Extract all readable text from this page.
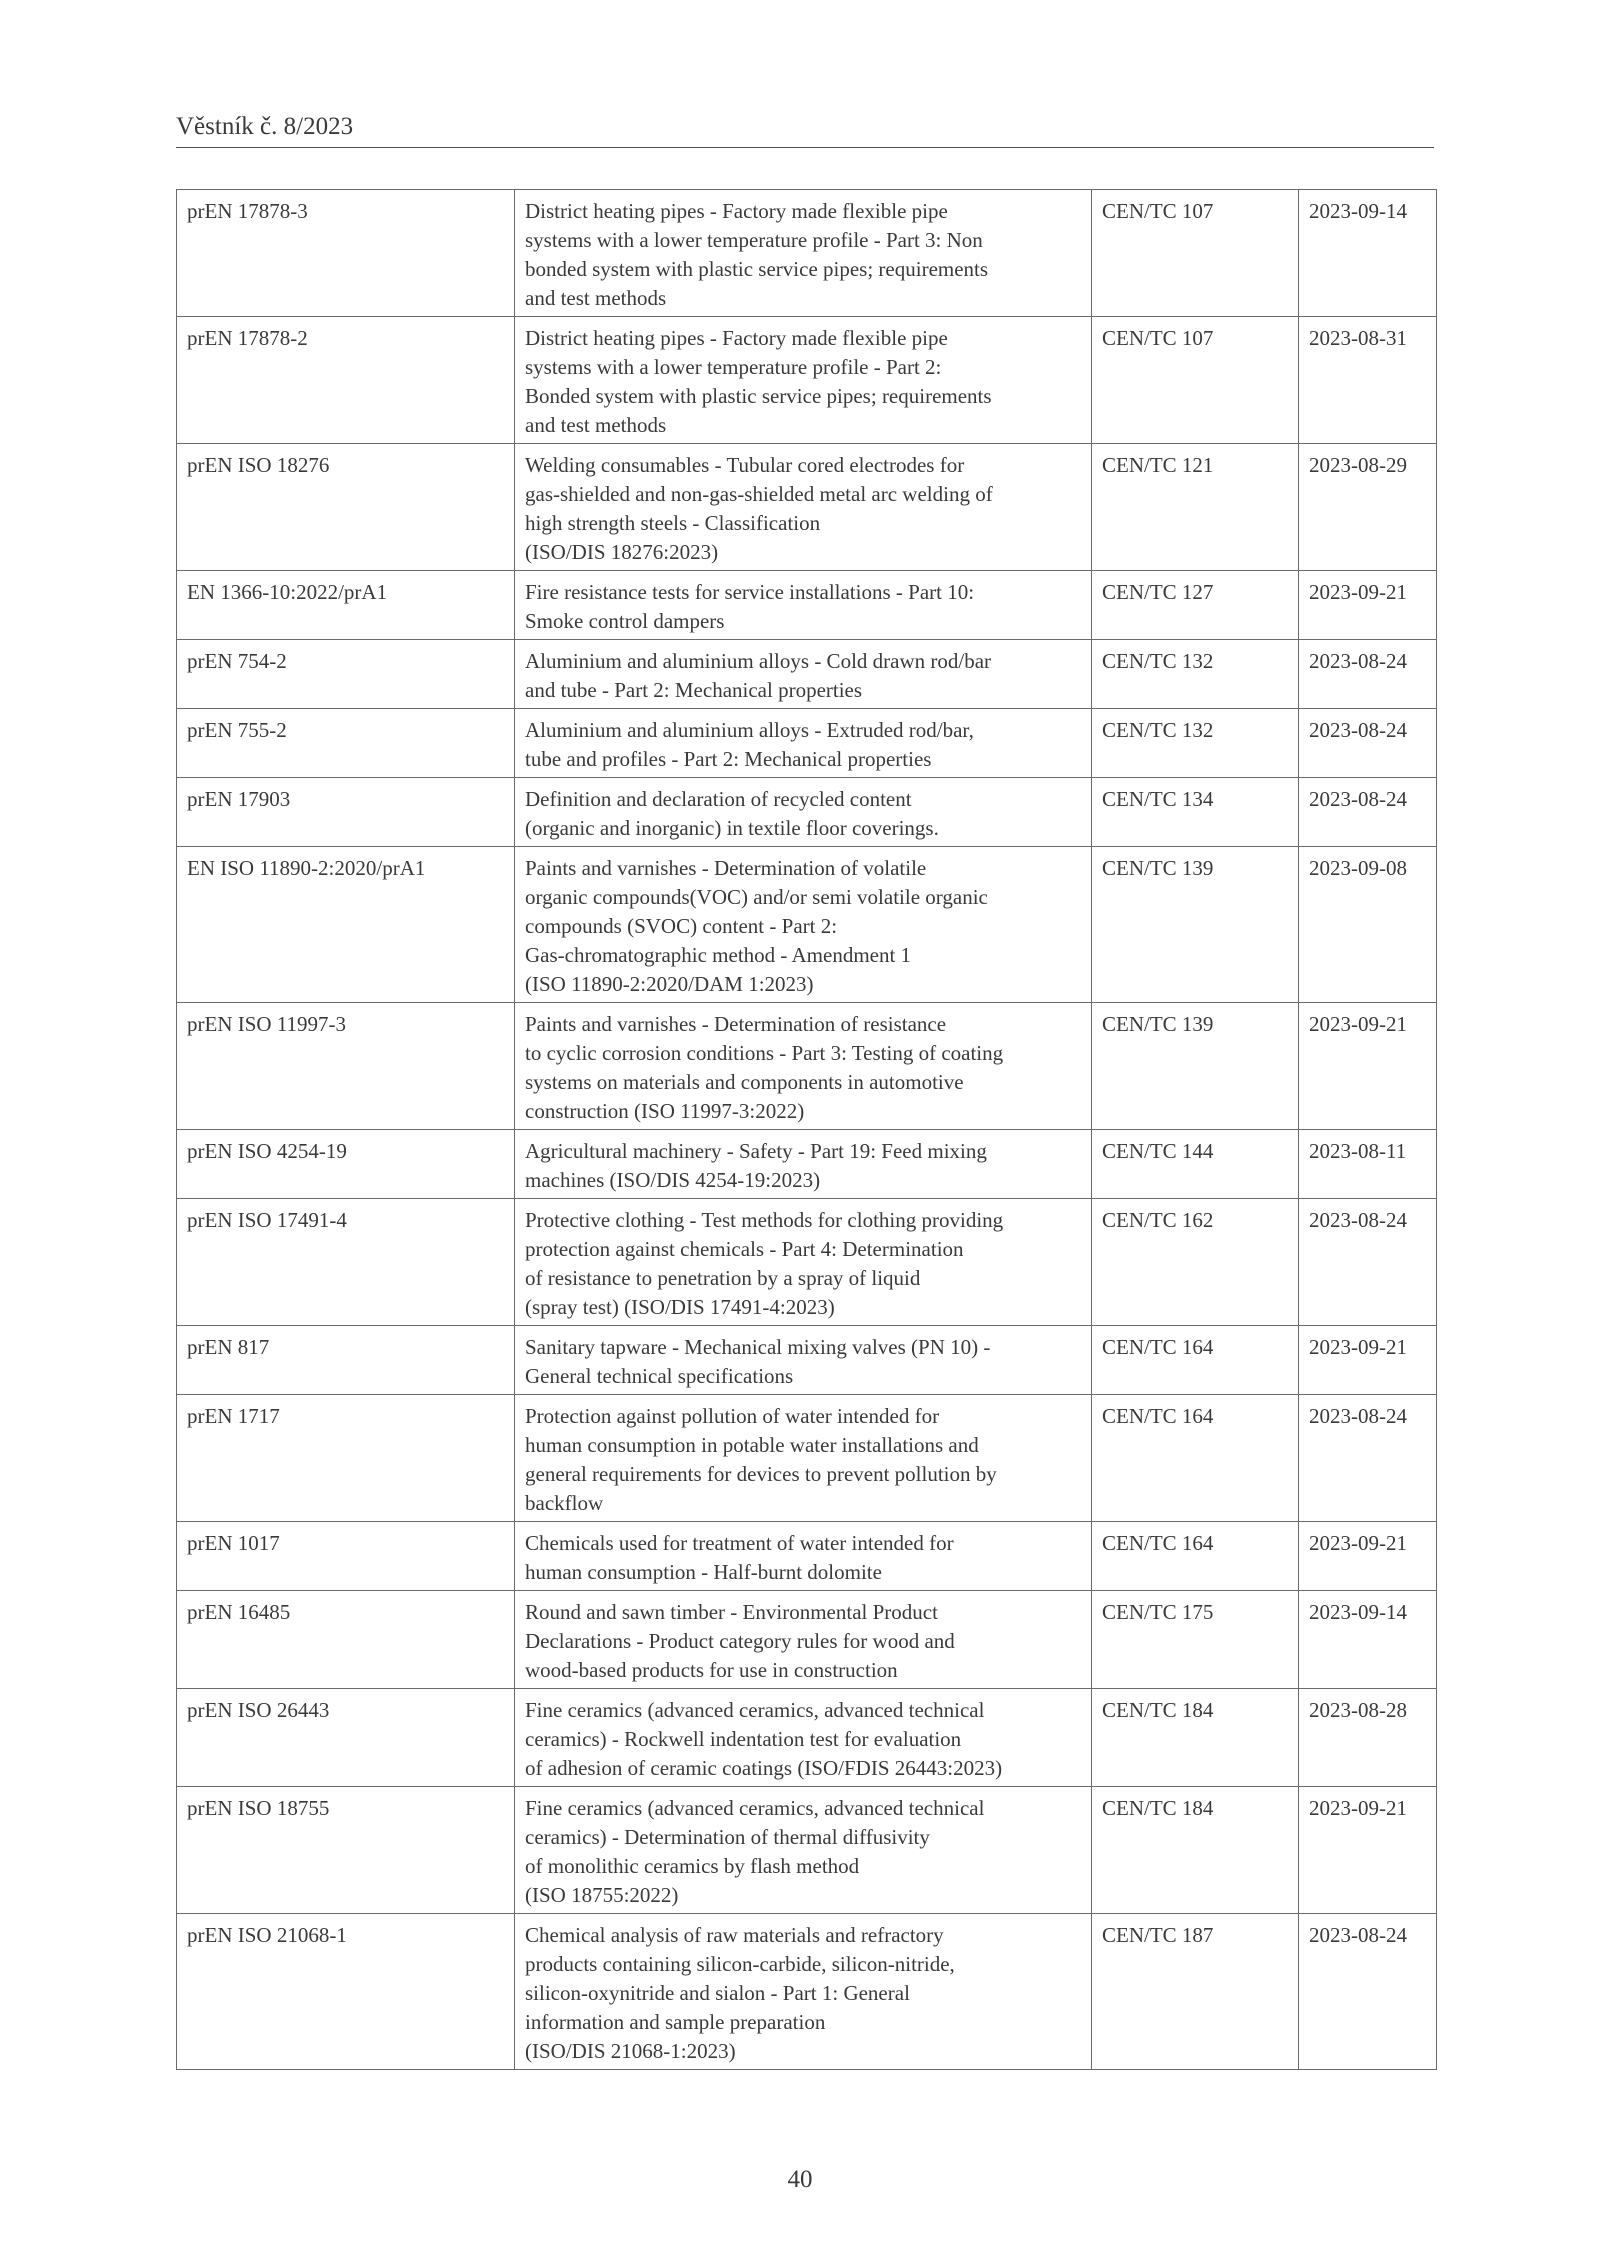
Věstník č. 8/2023
prEN 17878-3	District heating pipes - Factory made flexible pipe
systems with a lower temperature profile - Part 3: Non
bonded system with plastic service pipes; requirements
and test methods	CEN/TC 107	2023-09-14
prEN 17878-2	District heating pipes - Factory made flexible pipe
systems with a lower temperature profile - Part 2:
Bonded system with plastic service pipes; requirements
and test methods	CEN/TC 107	2023-08-31
prEN ISO 18276	Welding consumables - Tubular cored electrodes for
gas-shielded and non-gas-shielded metal arc welding of
high strength steels - Classification
(ISO/DIS 18276:2023)	CEN/TC 121	2023-08-29
EN 1366-10:2022/prA1	Fire resistance tests for service installations - Part 10:
Smoke control dampers	CEN/TC 127	2023-09-21
prEN 754-2	Aluminium and aluminium alloys - Cold drawn rod/bar
and tube - Part 2: Mechanical properties	CEN/TC 132	2023-08-24
prEN 755-2	Aluminium and aluminium alloys - Extruded rod/bar,
tube and profiles - Part 2: Mechanical properties	CEN/TC 132	2023-08-24
prEN 17903	Definition and declaration of recycled content
(organic and inorganic) in textile floor coverings.	CEN/TC 134	2023-08-24
EN ISO 11890-2:2020/prA1	Paints and varnishes - Determination of volatile
organic compounds(VOC) and/or semi volatile organic
compounds (SVOC) content - Part 2:
Gas-chromatographic method - Amendment 1
(ISO 11890-2:2020/DAM 1:2023)	CEN/TC 139	2023-09-08
prEN ISO 11997-3	Paints and varnishes - Determination of resistance
to cyclic corrosion conditions - Part 3: Testing of coating
systems on materials and components in automotive
construction (ISO 11997-3:2022)	CEN/TC 139	2023-09-21
prEN ISO 4254-19	Agricultural machinery - Safety - Part 19: Feed mixing
machines (ISO/DIS 4254-19:2023)	CEN/TC 144	2023-08-11
prEN ISO 17491-4	Protective clothing - Test methods for clothing providing
protection against chemicals - Part 4: Determination
of resistance to penetration by a spray of liquid
(spray test) (ISO/DIS 17491-4:2023)	CEN/TC 162	2023-08-24
prEN 817	Sanitary tapware - Mechanical mixing valves (PN 10) -
General technical specifications	CEN/TC 164	2023-09-21
prEN 1717	Protection against pollution of water intended for
human consumption in potable water installations and
general requirements for devices to prevent pollution by
backflow	CEN/TC 164	2023-08-24
prEN 1017	Chemicals used for treatment of water intended for
human consumption - Half-burnt dolomite	CEN/TC 164	2023-09-21
prEN 16485	Round and sawn timber - Environmental Product
Declarations - Product category rules for wood and
wood-based products for use in construction	CEN/TC 175	2023-09-14
prEN ISO 26443	Fine ceramics (advanced ceramics, advanced technical
ceramics) - Rockwell indentation test for evaluation
of adhesion of ceramic coatings (ISO/FDIS 26443:2023)	CEN/TC 184	2023-08-28
prEN ISO 18755	Fine ceramics (advanced ceramics, advanced technical
ceramics) - Determination of thermal diffusivity
of monolithic ceramics by flash method
(ISO 18755:2022)	CEN/TC 184	2023-09-21
prEN ISO 21068-1	Chemical analysis of raw materials and refractory
products containing silicon-carbide, silicon-nitride,
silicon-oxynitride and sialon - Part 1: General
information and sample preparation
(ISO/DIS 21068-1:2023)	CEN/TC 187	2023-08-24
40
